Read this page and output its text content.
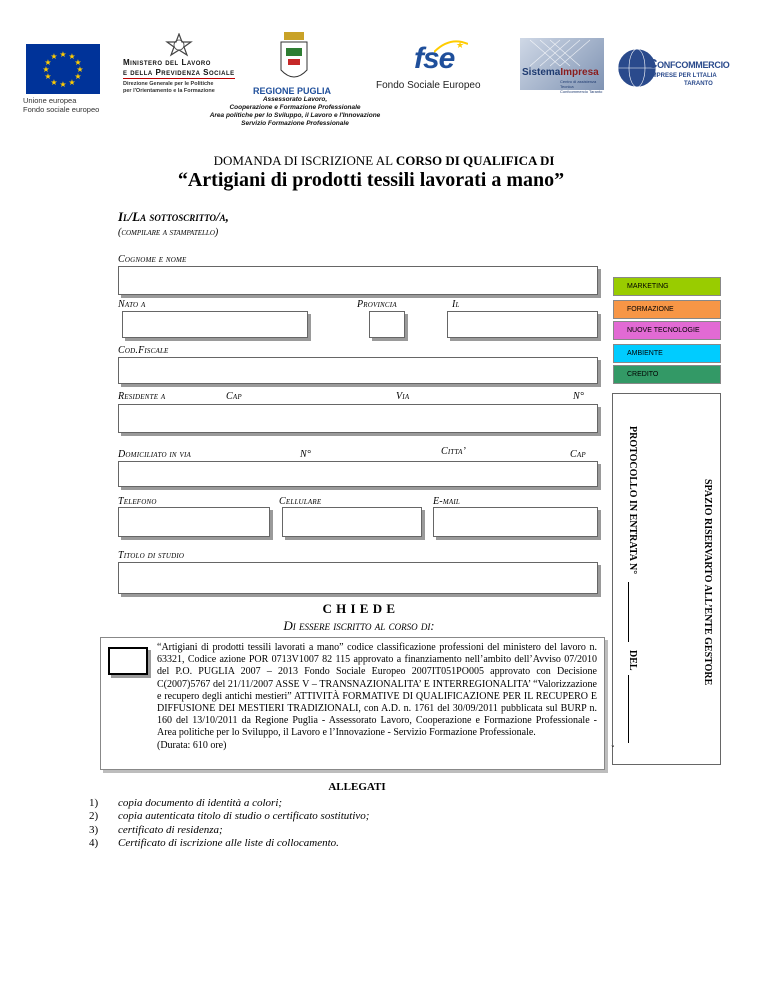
★ ★
★
★
★
★
★
★
★
★
★
★
Unione europea
Fondo sociale europeo
Ministero del Lavoro
e della Previdenza Sociale
Direzione Generale per le Politiche
per l'Orientamento e la Formazione	REGIONE PUGLIA
Assessorato Lavoro,
Cooperazione e Formazione Professionale
Area politiche per lo Sviluppo, il Lavoro e l'Innovazione
Servizio Formazione Professionale
fse ★
Fondo Sociale Europeo
SistemaImpresa
Centro di assistenza Tecnica
Confcommercio Taranto
Confcommercio
IMPRESE PER L'ITALIA
TARANTO
DOMANDA DI ISCRIZIONE AL CORSO DI QUALIFICA DI
“Artigiani di prodotti tessili lavorati a mano”
Il/La sottoscritto/a,
(compilare a stampatello)
Cognome e nome
Nato a	Provincia	Il
Cod.Fiscale
Residente a	Cap	Via	N°
Domiciliato in via	N°	Citta’	Cap
Telefono	Cellulare	E-mail
Titolo di studio
MARKETING
FORMAZIONE
NUOVE TECNOLOGIE
AMBIENTE
CREDITO
PROTOCOLLO IN ENTRATA N°
DEL
,
SPAZIO RISERVARTO ALL’ENTE GESTORE
C H I E D E
Di essere iscritto al corso di:
“Artigiani di prodotti tessili lavorati a mano” codice classificazione professioni del ministero del lavoro n. 63321, Codice azione POR 0713V1007 82 115 approvato a finanziamento nell’ambito dell’Avviso 07/2010 del P.O. PUGLIA 2007 – 2013 Fondo Sociale Europeo 2007IT051PO005 approvato con Decisione C(2007)5767 del 21/11/2007 ASSE V – TRANSNAZIONALITA’ E INTERREGIONALITA’ “Valorizzazione e recupero degli antichi mestieri” ATTIVITÀ FORMATIVE DI QUALIFICAZIONE PER IL RECUPERO E DIFFUSIONE DEI MESTIERI TRADIZIONALI, con A.D. n. 1761 del 30/09/2011 pubblicata sul BURP n. 160 del 13/10/2011 da Regione Puglia - Assessorato Lavoro, Cooperazione e Formazione Professionale - Area politiche per lo Sviluppo, il Lavoro e l’Innovazione - Servizio Formazione Professionale.
(Durata: 610 ore)
ALLEGATI
1) copia documento di identità a colori;
2) copia autenticata titolo di studio o certificato sostitutivo;
3) certificato di residenza;
4) Certificato di iscrizione alle liste di collocamento.
